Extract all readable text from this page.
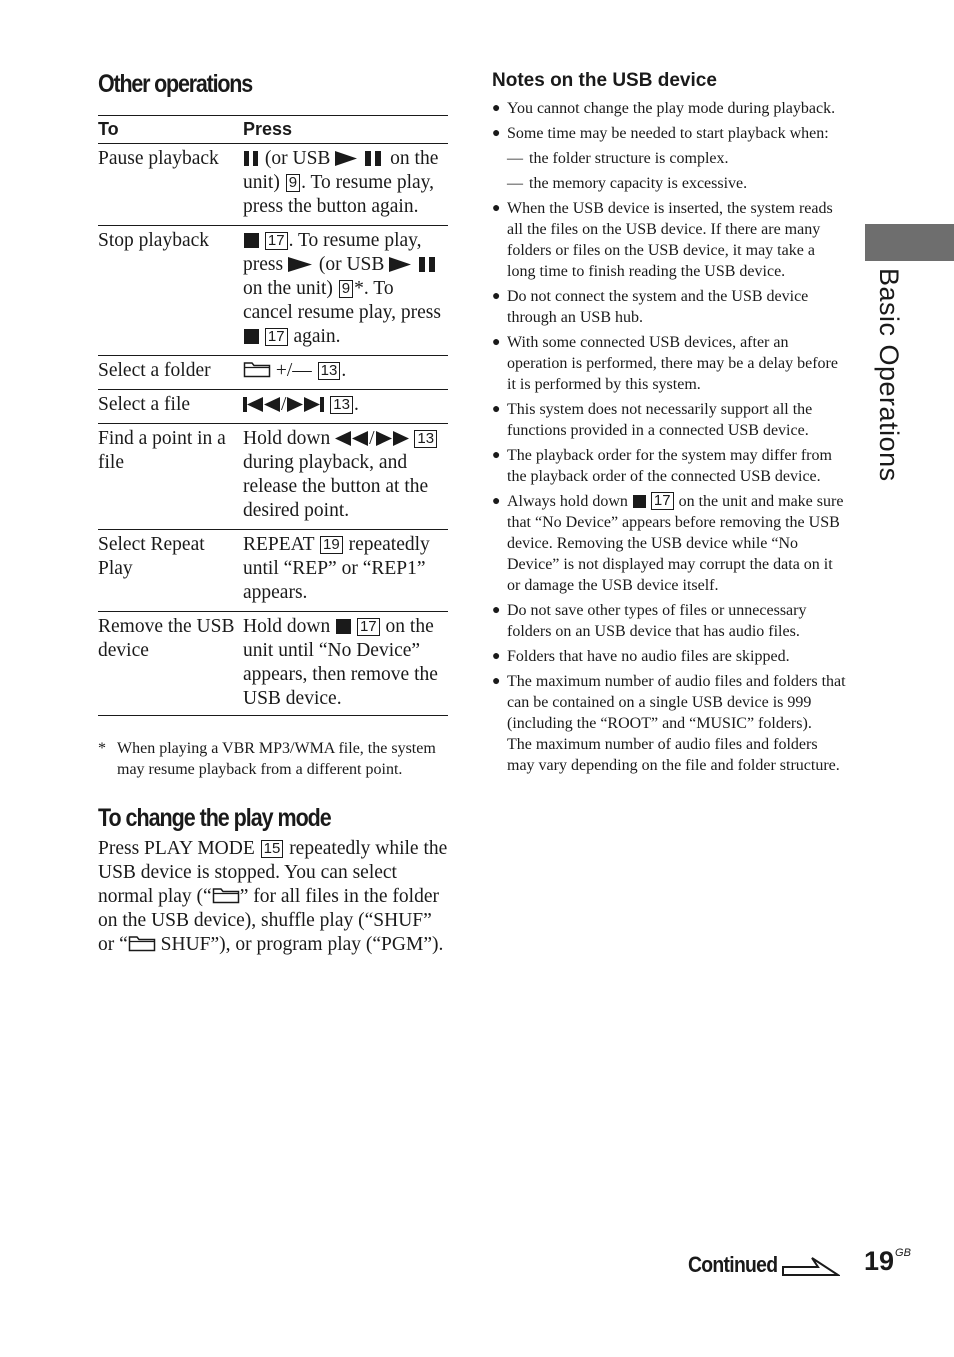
Other operations
To	Press
Pause playback	(or USB on the unit) 9 . To resume play, press the button again.
Stop playback	17 . To resume play, press (or USB  on the unit) 9 *. To cancel resume play, press  17 again.
Select a folder	+/— 13 .
Select a file	/ 13 .
Find a point in a file	Hold down / 13 during playback, and release the button at the desired point.
Select Repeat Play	REPEAT 19 repeatedly until “REP” or “REP1” appears.
Remove the USB device	Hold down 17 on the unit until “No Device” appears, then remove the USB device.
* When playing a VBR MP3/WMA file, the system may resume playback from a different point.
To change the play mode
Press PLAY MODE 15 repeatedly while the USB device is stopped. You can select normal play (“ ” for all files in the folder on the USB device), shuffle play (“SHUF” or “ SHUF”), or program play (“PGM”).
Notes on the USB device
● You cannot change the play mode during playback.
● Some time may be needed to start playback when:
— the folder structure is complex.
— the memory capacity is excessive.
● When the USB device is inserted, the system reads all the files on the USB device. If there are many folders or files on the USB device, it may take a long time to finish reading the USB device.
● Do not connect the system and the USB device through an USB hub.
● With some connected USB devices, after an operation is performed, there may be a delay before it is performed by this system.
● This system does not necessarily support all the functions provided in a connected USB device.
● The playback order for the system may differ from the playback order of the connected USB device.
● Always hold down 17 on the unit and make sure that “No Device” appears before removing the USB device. Removing the USB device while “No Device” is not displayed may corrupt the data on it or damage the USB device itself.
● Do not save other types of files or unnecessary folders on an USB device that has audio files.
● Folders that have no audio files are skipped.
● The maximum number of audio files and folders that can be contained on a single USB device is 999 (including the “ROOT” and “MUSIC” folders).
The maximum number of audio files and folders may vary depending on the file and folder structure.
Basic Operations
Continued	$19^{GB}$
